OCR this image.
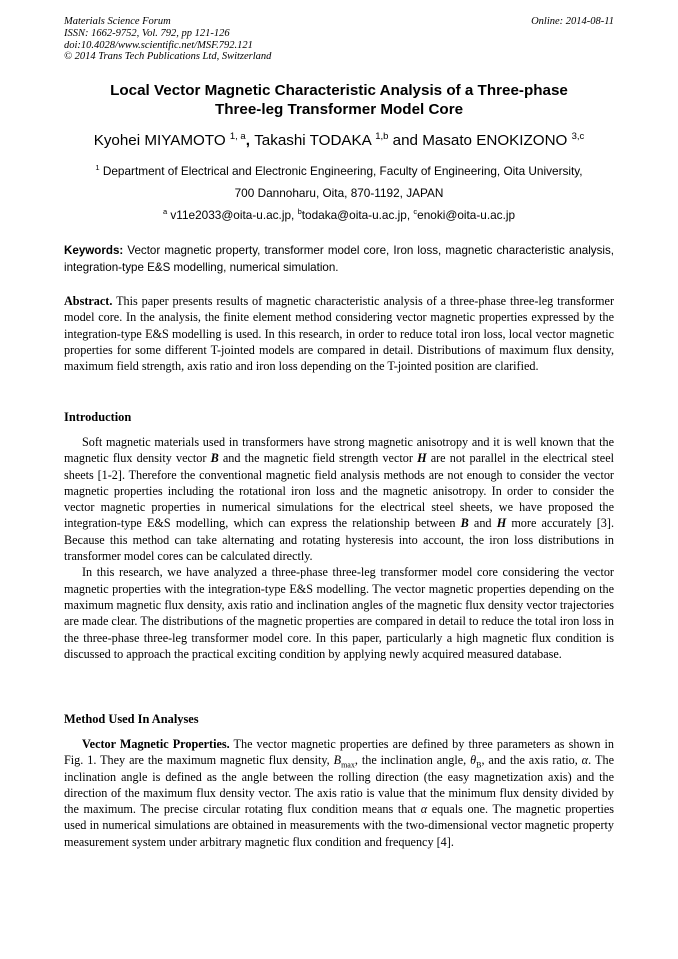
Materials Science Forum
ISSN: 1662-9752, Vol. 792, pp 121-126
doi:10.4028/www.scientific.net/MSF.792.121
© 2014 Trans Tech Publications Ltd, Switzerland
Online: 2014-08-11
Local Vector Magnetic Characteristic Analysis of a Three-phase
Three-leg Transformer Model Core
Kyohei MIYAMOTO $^{1, a}$, Takashi TODAKA $^{1,b}$ and Masato ENOKIZONO $^{3,c}$
$^1$ Department of Electrical and Electronic Engineering, Faculty of Engineering, Oita University,
700 Dannoharu, Oita, 870-1192, JAPAN
$^a$ v11e2033@oita-u.ac.jp, $^b$todaka@oita-u.ac.jp, $^c$enoki@oita-u.ac.jp
Keywords: Vector magnetic property, transformer model core, Iron loss, magnetic characteristic analysis, integration-type E&S modelling, numerical simulation.

Abstract. This paper presents results of magnetic characteristic analysis of a three-phase three-leg transformer model core. In the analysis, the finite element method considering vector magnetic properties expressed by the integration-type E&S modelling is used. In this research, in order to reduce total iron loss, local vector magnetic properties for some different T-jointed models are compared in detail. Distributions of maximum flux density, maximum field strength, axis ratio and iron loss depending on the T-jointed position are clarified.

Introduction

Soft magnetic materials used in transformers have strong magnetic anisotropy and it is well known that the magnetic flux density vector B and the magnetic field strength vector H are not parallel in the electrical steel sheets [1-2]. Therefore the conventional magnetic field analysis methods are not enough to consider the vector magnetic properties including the rotational iron loss and the magnetic anisotropy. In order to consider the vector magnetic properties in numerical simulations for the electrical steel sheets, we have proposed the integration-type E&S modelling, which can express the relationship between B and H more accurately [3]. Because this method can take alternating and rotating hysteresis into account, the iron loss distributions in transformer model cores can be calculated directly.

In this research, we have analyzed a three-phase three-leg transformer model core considering the vector magnetic properties with the integration-type E&S modelling. The vector magnetic properties depending on the maximum magnetic flux density, axis ratio and inclination angles of the magnetic flux density vector trajectories are made clear. The distributions of the magnetic properties are compared in detail to reduce the total iron loss in the three-phase three-leg transformer model core. In this paper, particularly a high magnetic flux condition is discussed to approach the practical exciting condition by applying newly acquired measured database.

Method Used In Analyses

Vector Magnetic Properties. The vector magnetic properties are defined by three parameters as shown in Fig. 1. They are the maximum magnetic flux density, $B_{max}$, the inclination angle, $\theta_B$, and the axis ratio, α. The inclination angle is defined as the angle between the rolling direction (the easy magnetization axis) and the direction of the maximum flux density vector. The axis ratio is value that the minimum flux density divided by the maximum. The precise circular rotating flux condition means that α equals one. The magnetic properties used in numerical simulations are obtained in measurements with the two-dimensional vector magnetic property measurement system under arbitrary magnetic flux condition and frequency [4].
